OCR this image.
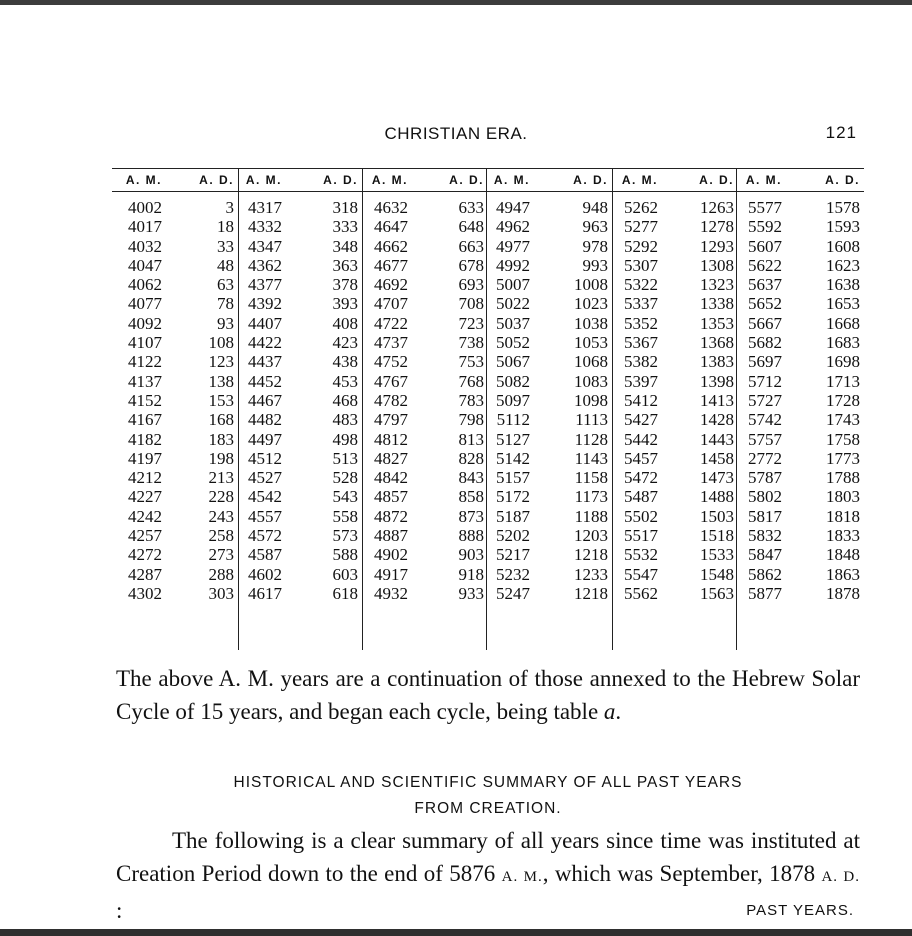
CHRISTIAN ERA.	121
A. M.	A. D. A. M.	A. D. A. M.	A. D. A. M.	A. D. A. M.	A. D. A. M.	A. D.
4002	3 4317	318 4632	633 4947	948 5262 1263 5577	1578
4017	18 4332	333 4647	648 4962	963 5277 1278 5592	1593
4032	33 4347	348 4662	663 4977	978 5292 1293 5607	1608
4047	48 4362	363 4677	678 4992	993 5307 1308 5622	1623
4062	63 4377	378 4692	693 5007	1008 5322 1323 5637	1638
4077	78 4392	393 4707	708 5022	1023 5337 1338 5652	1653
4092	93 4407	408 4722	723 5037	1038 5352 1353 5667	1668
4107	108 4422	423 4737	738 5052	1053 5367 1368 5682	1683
4122	123 4437	438 4752	753 5067	1068 5382 1383 5697	1698
4137	138 4452	453 4767	768 5082	1083 5397 1398 5712	1713
4152	153 4467	468 4782	783 5097	1098 5412 1413 5727	1728
4167	168 4482	483 4797	798 5112	1113 5427 1428 5742	1743
4182	183 4497	498 4812	813 5127	1128 5442 1443 5757	1758
4197	198 4512	513 4827	828 5142	1143 5457 1458 2772	1773
4212	213 4527	528 4842	843 5157	1158 5472 1473 5787	1788
4227	228 4542	543 4857	858 5172	1173 5487 1488 5802	1803
4242	243 4557	558 4872	873 5187	1188 5502 1503 5817	1818
4257	258 4572	573 4887	888 5202	1203 5517 1518 5832	1833
4272	273 4587	588 4902	903 5217	1218 5532 1533 5847	1848
4287	288 4602	603 4917	918 5232	1233 5547 1548 5862	1863
4302	303 4617	618 4932	933 5247	1218 5562 1563 5877	1878
The above A. M. years are a continuation of those annexed to the Hebrew Solar Cycle of 15 years, and began each cycle, being table a.
HISTORICAL AND SCIENTIFIC SUMMARY OF ALL PAST YEARS
FROM CREATION.
The following is a clear summary of all years since time was instituted at Creation Period down to the end of 5876 A. M., which was September, 1878 A. D. :	PAST YEARS.
